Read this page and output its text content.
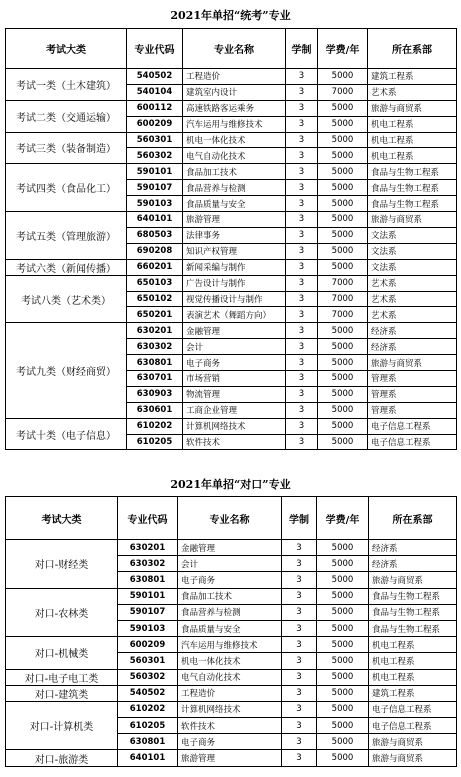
2021年单招“统考”专业
考试大类	专业代码	专业名称	学制	学费/年	所在系部
考试一类（土木建筑）	540502	工程造价	3	5000	建筑工程系
	540104	建筑室内设计	3	7000	艺术系
考试二类（交通运输）	600112	高速铁路客运乘务	3	5000	旅游与商贸系
	600209	汽车运用与维修技术	3	5000	机电工程系
考试三类（装备制造）	560301	机电一体化技术	3	5000	机电工程系
	560302	电气自动化技术	3	5000	机电工程系
考试四类（食品化工）	590101	食品加工技术	3	5000	食品与生物工程系
	590107	食品营养与检测	3	5000	食品与生物工程系
	590103	食品质量与安全	3	5000	食品与生物工程系
考试五类（管理旅游）	640101	旅游管理	3	5000	旅游与商贸系
	680503	法律事务	3	5000	文法系
	690208	知识产权管理	3	5000	文法系
考试六类（新闻传播）	660201	新闻采编与制作	3	5000	文法系
考试八类（艺术类）	650103	广告设计与制作	3	7000	艺术系
	650102	视觉传播设计与制作	3	7000	艺术系
	650201	表演艺术（舞蹈方向）	3	7000	艺术系
考试九类（财经商贸）	630201	金融管理	3	5000	经济系
	630302	会计	3	5000	经济系
	630801	电子商务	3	5000	旅游与商贸系
	630701	市场营销	3	5000	管理系
	630903	物流管理	3	5000	管理系
	630601	工商企业管理	3	5000	管理系
考试十类（电子信息）	610202	计算机网络技术	3	5000	电子信息工程系
	610205	软件技术	3	5000	电子信息工程系
2021年单招“对口”专业
考试大类	专业代码	专业名称	学制	学费/年	所在系部
对口-财经类	630201	金融管理	3	5000	经济系
	630302	会计	3	5000	经济系
	630801	电子商务	3	5000	旅游与商贸系
对口-农林类	590101	食品加工技术	3	5000	食品与生物工程系
	590107	食品营养与检测	3	5000	食品与生物工程系
	590103	食品质量与安全	3	5000	食品与生物工程系
对口-机械类	600209	汽车运用与维修技术	3	5000	机电工程系
	560301	机电一体化技术	3	5000	机电工程系
对口-电子电工类	560302	电气自动化技术	3	5000	机电工程系
对口-建筑类	540502	工程造价	3	5000	建筑工程系
对口-计算机类	610202	计算机网络技术	3	5000	电子信息工程系
	610205	软件技术	3	5000	电子信息工程系
	630801	电子商务	3	5000	旅游与商贸系
对口-旅游类	640101	旅游管理	3	5000	旅游与商贸系
